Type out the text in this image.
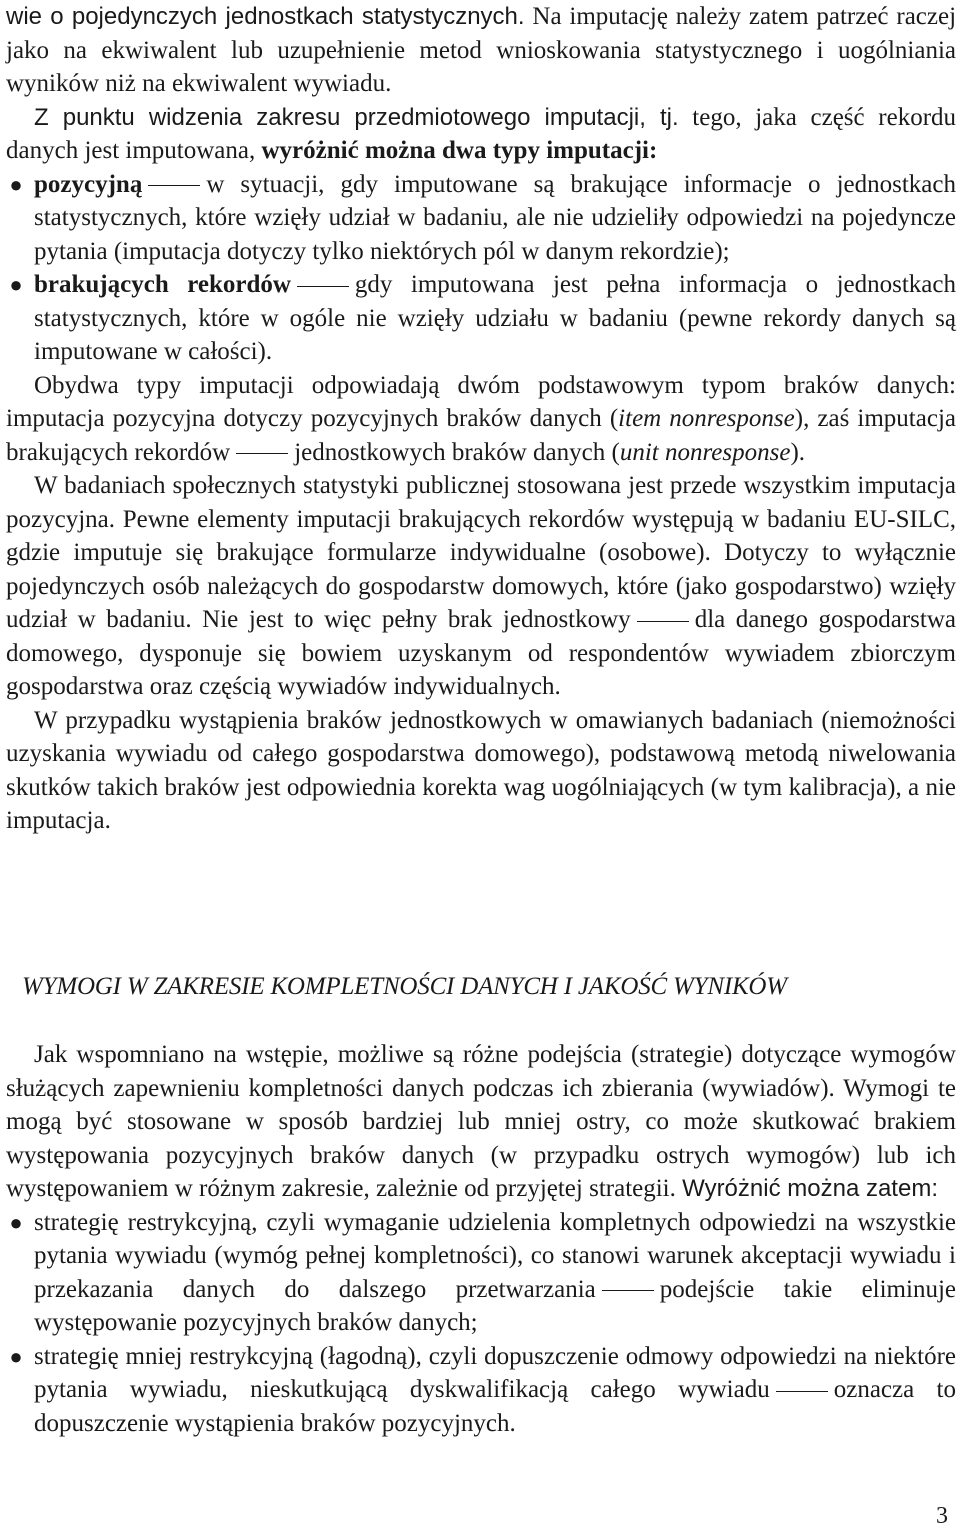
wie o pojedynczych jednostkach statystycznych. Na imputację należy zatem patrzeć raczej jako na ekwiwalent lub uzupełnienie metod wnioskowania statystycznego i uogólniania wyników niż na ekwiwalent wywiadu.

Z punktu widzenia zakresu przedmiotowego imputacji, tj. tego, jaka część rekordu danych jest imputowana, wyróżnić można dwa typy imputacji:

● pozycyjną	w sytuacji, gdy imputowane są brakujące informacje o jednostkach statystycznych, które wzięły udział w badaniu, ale nie udzieliły odpowiedzi na pojedyncze pytania (imputacja dotyczy tylko niektórych pól w danym rekordzie);
● brakujących rekordów	gdy imputowana jest pełna informacja o jednostkach statystycznych, które w ogóle nie wzięły udziału w badaniu (pewne rekordy danych są imputowane w całości).

Obydwa typy imputacji odpowiadają dwóm podstawowym typom braków danych: imputacja pozycyjna dotyczy pozycyjnych braków danych (item nonresponse), zaś imputacja brakujących rekordów	jednostkowych braków danych (unit nonresponse).

W badaniach społecznych statystyki publicznej stosowana jest przede wszystkim imputacja pozycyjna. Pewne elementy imputacji brakujących rekordów występują w badaniu EU-SILC, gdzie imputuje się brakujące formularze indywidualne (osobowe). Dotyczy to wyłącznie pojedynczych osób należących do gospodarstw domowych, które (jako gospodarstwo) wzięły udział w badaniu. Nie jest to więc pełny brak jednostkowy	dla danego gospodarstwa domowego, dysponuje się bowiem uzyskanym od respondentów wywiadem zbiorczym gospodarstwa oraz częścią wywiadów indywidualnych.

W przypadku wystąpienia braków jednostkowych w omawianych badaniach (niemożności uzyskania wywiadu od całego gospodarstwa domowego), podstawową metodą niwelowania skutków takich braków jest odpowiednia korekta wag uogólniających (w tym kalibracja), a nie imputacja.

WYMOGI W ZAKRESIE KOMPLETNOŚCI DANYCH I JAKOŚĆ WYNIKÓW

Jak wspomniano na wstępie, możliwe są różne podejścia (strategie) dotyczące wymogów służących zapewnieniu kompletności danych podczas ich zbierania (wywiadów). Wymogi te mogą być stosowane w sposób bardziej lub mniej ostry, co może skutkować brakiem występowania pozycyjnych braków danych (w przypadku ostrych wymogów) lub ich występowaniem w różnym zakresie, zależnie od przyjętej strategii. Wyróżnić można zatem:

● strategię restrykcyjną, czyli wymaganie udzielenia kompletnych odpowiedzi na wszystkie pytania wywiadu (wymóg pełnej kompletności), co stanowi warunek akceptacji wywiadu i przekazania danych do dalszego przetwarzania	podejście takie eliminuje występowanie pozycyjnych braków danych;
● strategię mniej restrykcyjną (łagodną), czyli dopuszczenie odmowy odpowiedzi na niektóre pytania wywiadu, nieskutkującą dyskwalifikacją całego wywiadu	oznacza to dopuszczenie wystąpienia braków pozycyjnych.
3
